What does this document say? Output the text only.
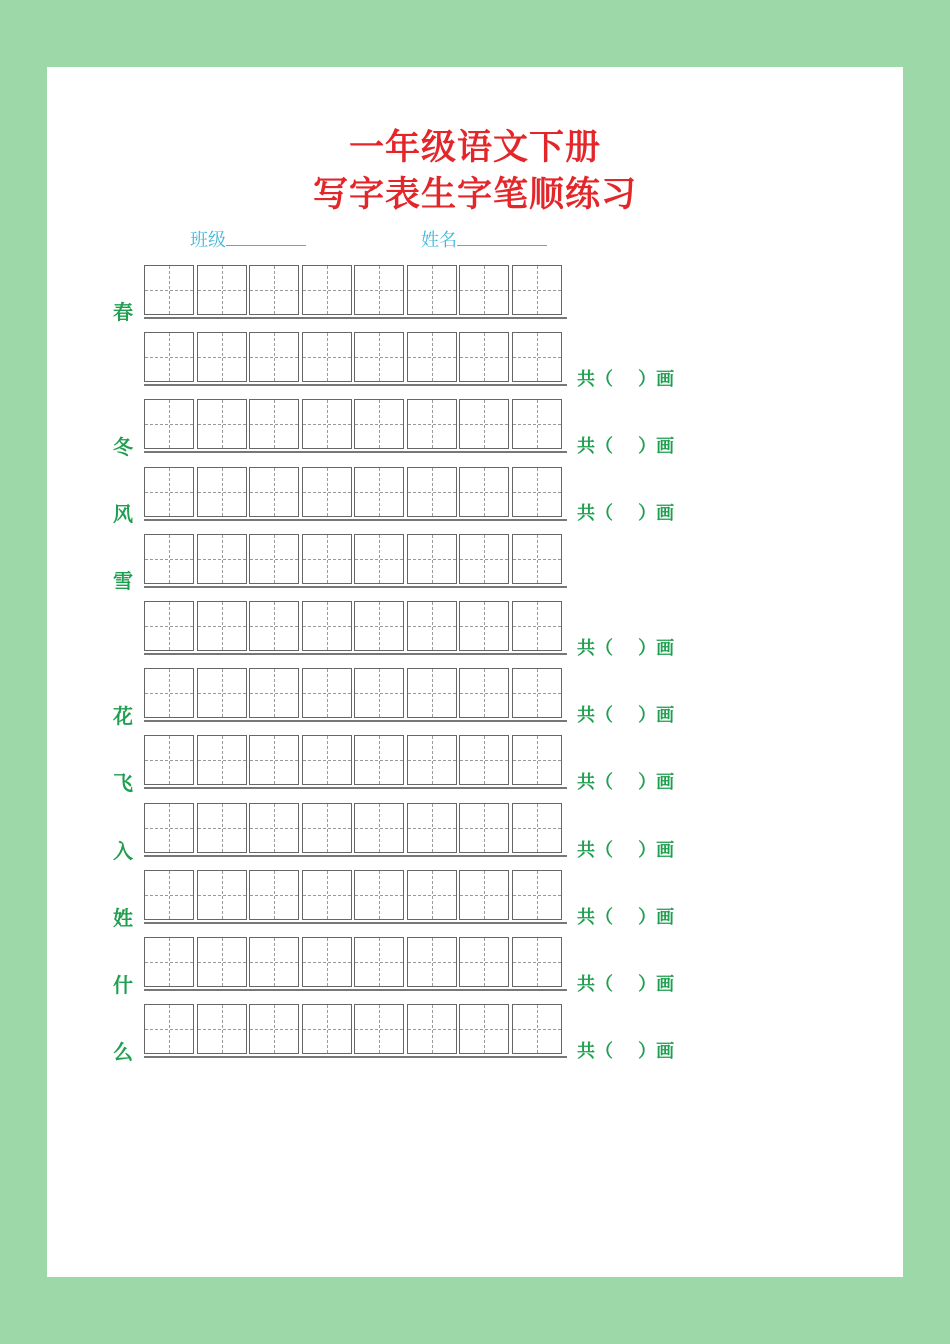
一年级语文下册
写字表生字笔顺练习
班级	姓名
春
冬
风
雪
花
飞
入
姓
什
么
共（    ）画
共（    ）画
共（    ）画
共（    ）画
共（    ）画
共（    ）画
共（    ）画
共（    ）画
共（    ）画
共（    ）画
